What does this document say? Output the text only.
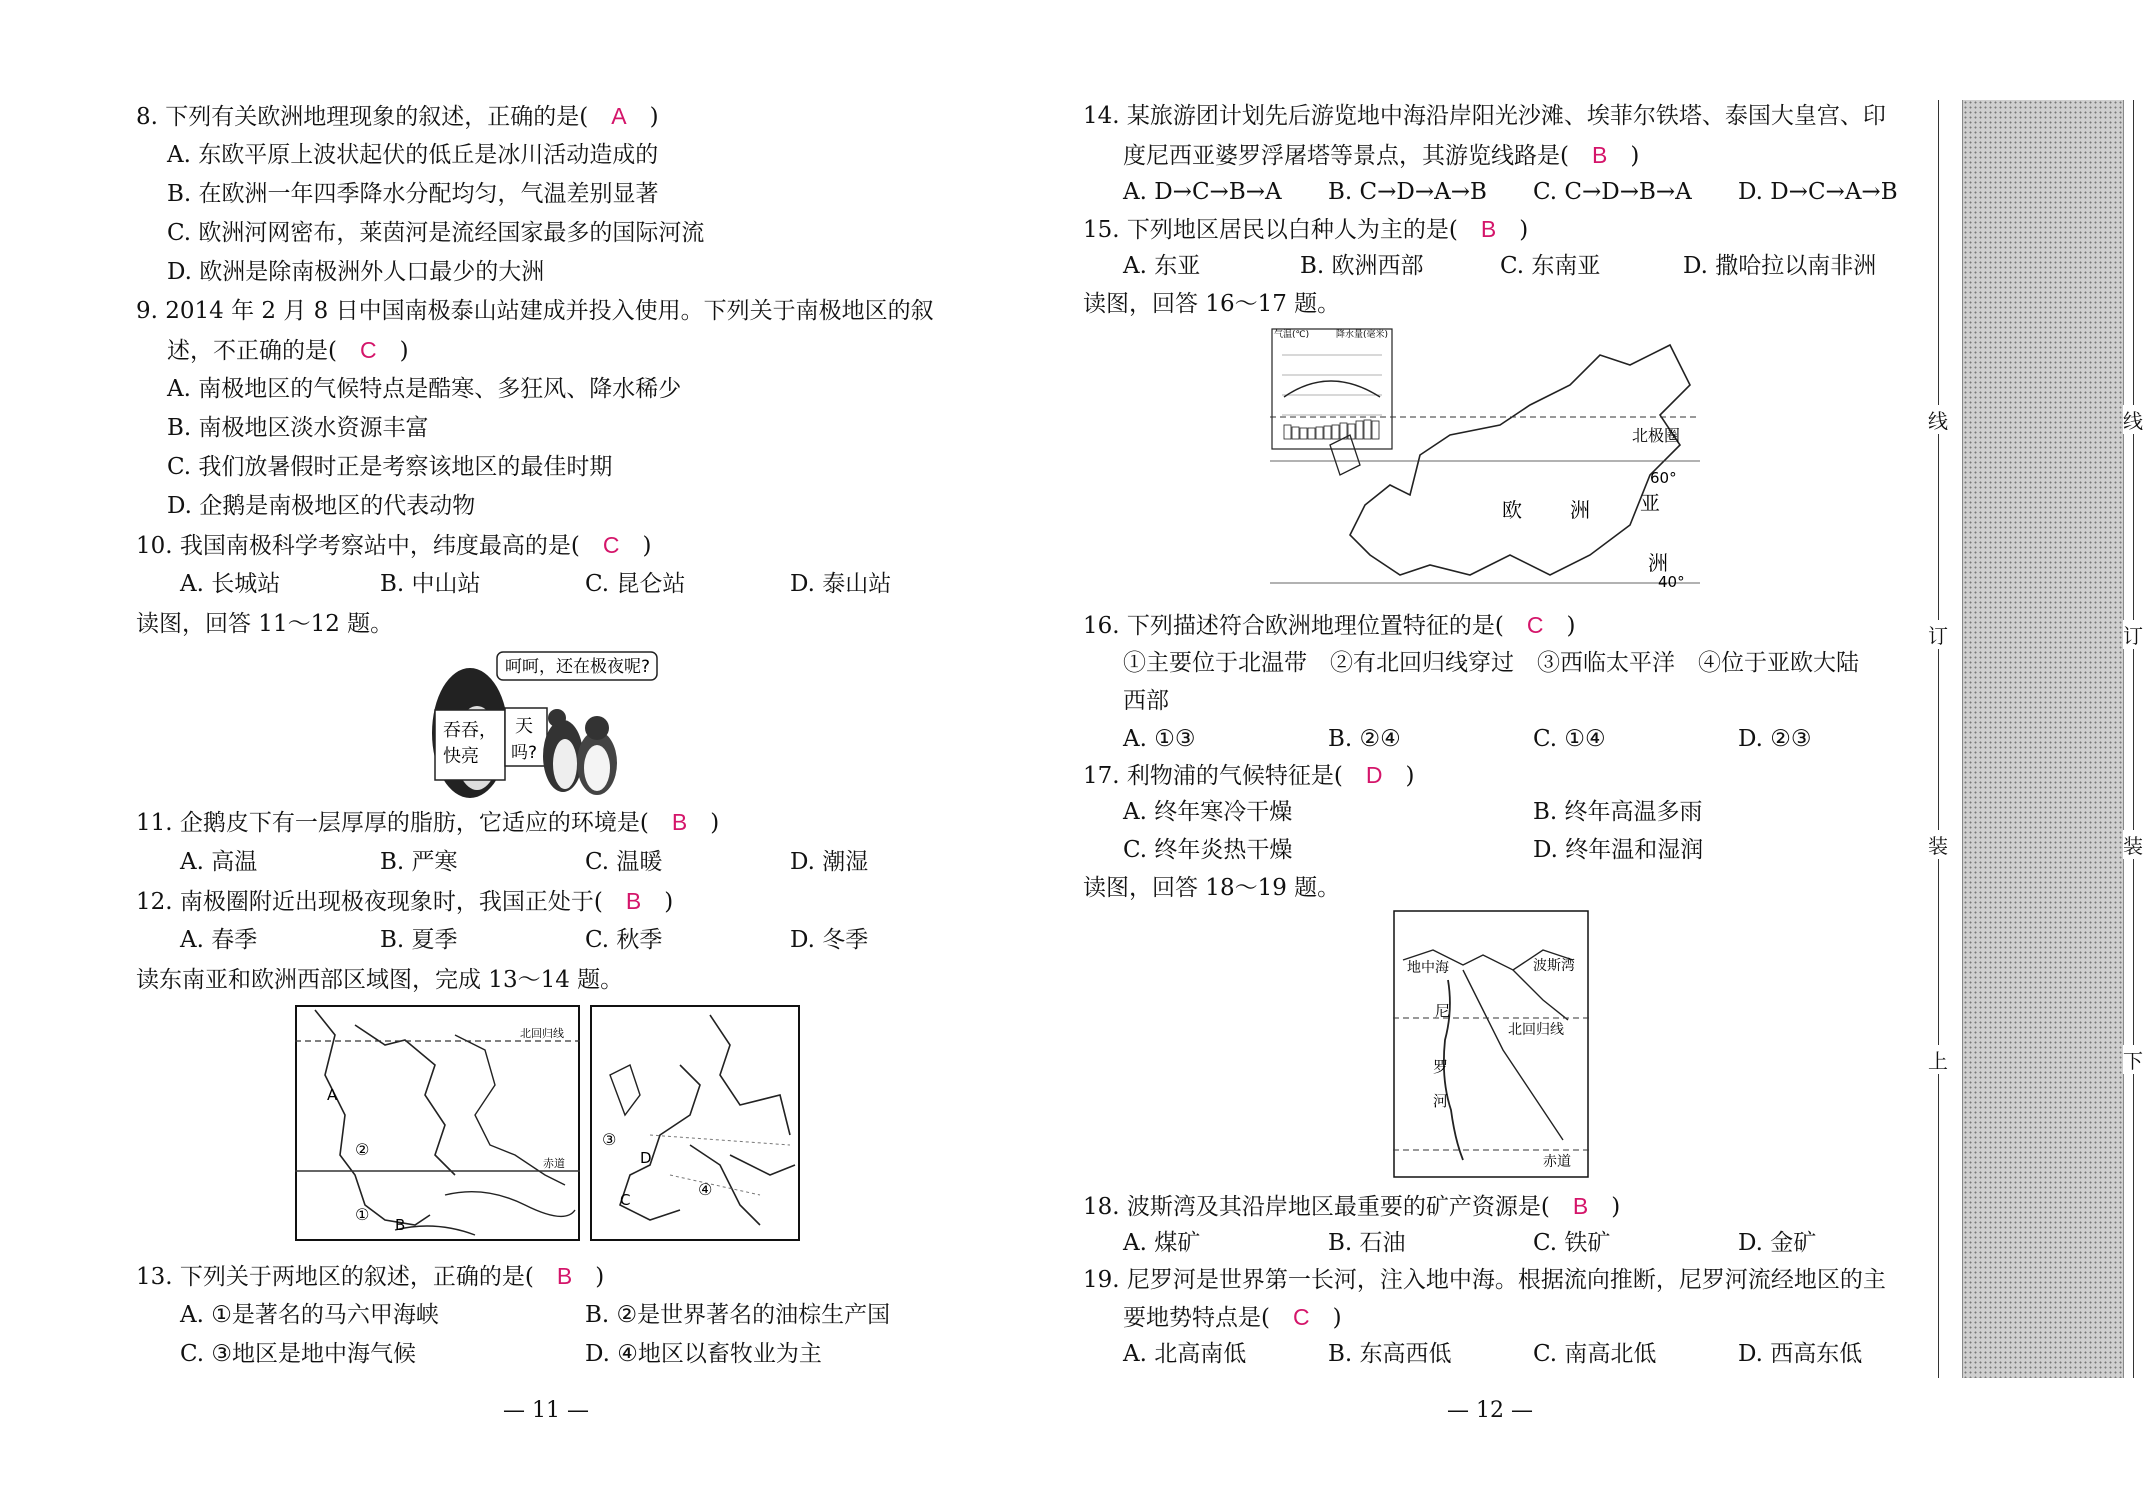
8. 下列有关欧洲地理现象的叙述，正确的是(　 A　 )
A. 东欧平原上波状起伏的低丘是冰川活动造成的
B. 在欧洲一年四季降水分配均匀，气温差别显著
C. 欧洲河网密布，莱茵河是流经国家最多的国际河流
D. 欧洲是除南极洲外人口最少的大洲
9. 2014 年 2 月 8 日中国南极泰山站建成并投入使用。下列关于南极地区的叙
述，不正确的是(　 C　 )
A. 南极地区的气候特点是酷寒、多狂风、降水稀少
B. 南极地区淡水资源丰富
C. 我们放暑假时正是考察该地区的最佳时期
D. 企鹅是南极地区的代表动物
10. 我国南极科学考察站中，纬度最高的是(　 C　 )
A. 长城站	B. 中山站	C. 昆仑站	D. 泰山站
读图，回答 11～12 题。
吞吞，
快亮
呵呵，还在极夜呢?
天
吗?
11. 企鹅皮下有一层厚厚的脂肪，它适应的环境是(　 B　 )
A. 高温	B. 严寒	C. 温暖	D. 潮湿
12. 南极圈附近出现极夜现象时，我国正处于(　 B　 )
A. 春季	B. 夏季	C. 秋季	D. 冬季
读东南亚和欧洲西部区域图，完成 13～14 题。
北回归线
赤道
②
①
A
B
③
D
C
④
13. 下列关于两地区的叙述，正确的是(　 B　 )
A. ①是著名的马六甲海峡	B. ②是世界著名的油棕生产国
C. ③地区是地中海气候	D. ④地区以畜牧业为主
— 11 —
14. 某旅游团计划先后游览地中海沿岸阳光沙滩、埃菲尔铁塔、泰国大皇宫、印
度尼西亚婆罗浮屠塔等景点，其游览线路是(　 B　 )
A. D→C→B→A B. C→D→A→B C. C→D→B→A D. D→C→A→B
15. 下列地区居民以白种人为主的是(　 B　 )
A. 东亚	B. 欧洲西部	C. 东南亚	D. 撒哈拉以南非洲
读图，回答 16～17 题。
气温(℃)	降水量(毫米)
北极圈
60°
40°
欧 洲	亚
洲
16. 下列描述符合欧洲地理位置特征的是(　 C　 )
①主要位于北温带　②有北回归线穿过　③西临太平洋　④位于亚欧大陆
西部
A. ①③	B. ②④	C. ①④	D. ②③
17. 利物浦的气候特征是(　 D　 )
A. 终年寒冷干燥	B. 终年高温多雨
C. 终年炎热干燥	D. 终年温和湿润
读图，回答 18～19 题。
地中海	波斯湾
北回归线
赤道
尼
罗
河
18. 波斯湾及其沿岸地区最重要的矿产资源是(　 B　 )
A. 煤矿	B. 石油	C. 铁矿	D. 金矿
19. 尼罗河是世界第一长河，注入地中海。根据流向推断，尼罗河流经地区的主
要地势特点是(　 C　 )
A. 北高南低	B. 东高西低	C. 南高北低	D. 西高东低
— 12 —
线
订
装
上
线
订
装
下
